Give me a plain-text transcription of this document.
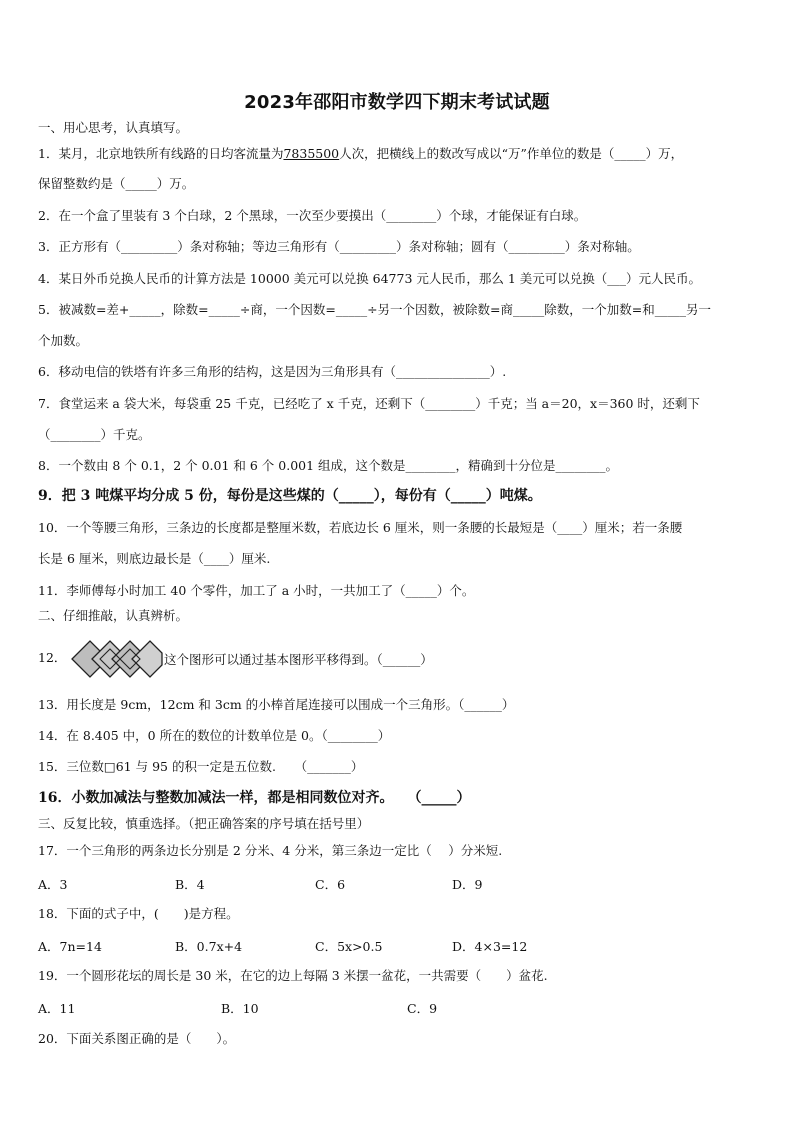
2023年邵阳市数学四下期末考试试题
一、用心思考，认真填写。
1．某月，北京地铁所有线路的日均客流量为7835500人次，把横线上的数改写成以“万”作单位的数是（_____）万，
保留整数约是（_____）万。
2．在一个盒了里装有 3 个白球，2 个黑球，一次至少要摸出（________）个球，才能保证有白球。
3．正方形有（_________）条对称轴；等边三角形有（_________）条对称轴；圆有（_________）条对称轴。
4．某日外币兑换人民币的计算方法是 10000 美元可以兑换 64773 元人民币，那么 1 美元可以兑换（___）元人民币。
5．被减数=差+_____，除数=_____÷商，一个因数=_____÷另一个因数，被除数=商_____除数，一个加数=和_____另一
个加数。
6．移动电信的铁塔有许多三角形的结构，这是因为三角形具有（_______________）.
7．食堂运来 a 袋大米，每袋重 25 千克，已经吃了 x 千克，还剩下（________）千克；当 a＝20，x＝360 时，还剩下
（________）千克。
8．一个数由 8 个 0.1，2 个 0.01 和 6 个 0.001 组成，这个数是________，精确到十分位是________。
9．把 3 吨煤平均分成 5 份，每份是这些煤的（_____），每份有（_____）吨煤。
10．一个等腰三角形，三条边的长度都是整厘米数，若底边长 6 厘米，则一条腰的长最短是（____）厘米；若一条腰
长是 6 厘米，则底边最长是（____）厘米.
11．李师傅每小时加工 40 个零件，加工了 a 小时，一共加工了（_____）个。
二、仔细推敲，认真辨析。
12．	这个图形可以通过基本图形平移得到。（______）
13．用长度是 9cm，12cm 和 3cm 的小棒首尾连接可以围成一个三角形。（______）
14．在 8.405 中，0 所在的数位的计数单位是 0。（________）
15．三位数□61 与 95 的积一定是五位数.　　（_______）
16．小数加减法与整数加减法一样，都是相同数位对齐。　　（_____）
三、反复比较，慎重选择。（把正确答案的序号填在括号里）
17．一个三角形的两条边长分别是 2 分米、4 分米，第三条边一定比（　 ）分米短.
A．3	B．4	C．6	D．9
18．下面的式子中，(　　)是方程。
A．7n=14	B．0.7x+4	C．5x>0.5	D．4×3=12
19．一个圆形花坛的周长是 30 米，在它的边上每隔 3 米摆一盆花，一共需要（　　）盆花.
A．11	B．10	C．9
20．下面关系图正确的是（　　）。
